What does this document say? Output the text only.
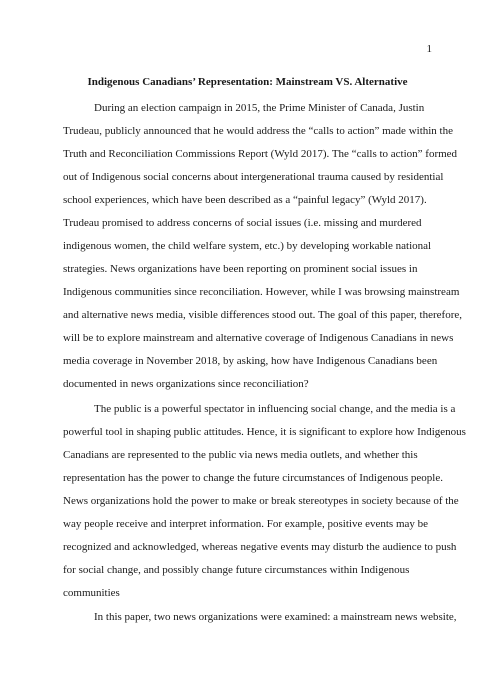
1
Indigenous Canadians’ Representation: Mainstream VS. Alternative
During an election campaign in 2015, the Prime Minister of Canada, Justin
Trudeau, publicly announced that he would address the “calls to action” made within the
Truth and Reconciliation Commissions Report (Wyld 2017). The “calls to action” formed
out of Indigenous social concerns about intergenerational trauma caused by residential
school experiences, which have been described as a “painful legacy” (Wyld 2017).
Trudeau promised to address concerns of social issues (i.e. missing and murdered
indigenous women, the child welfare system, etc.) by developing workable national
strategies. News organizations have been reporting on prominent social issues in
Indigenous communities since reconciliation. However, while I was browsing mainstream
and alternative news media, visible differences stood out. The goal of this paper, therefore,
will be to explore mainstream and alternative coverage of Indigenous Canadians in news
media coverage in November 2018, by asking, how have Indigenous Canadians been
documented in news organizations since reconciliation?
The public is a powerful spectator in influencing social change, and the media is a
powerful tool in shaping public attitudes. Hence, it is significant to explore how Indigenous
Canadians are represented to the public via news media outlets, and whether this
representation has the power to change the future circumstances of Indigenous people.
News organizations hold the power to make or break stereotypes in society because of the
way people receive and interpret information. For example, positive events may be
recognized and acknowledged, whereas negative events may disturb the audience to push
for social change, and possibly change future circumstances within Indigenous
communities
In this paper, two news organizations were examined: a mainstream news website,
